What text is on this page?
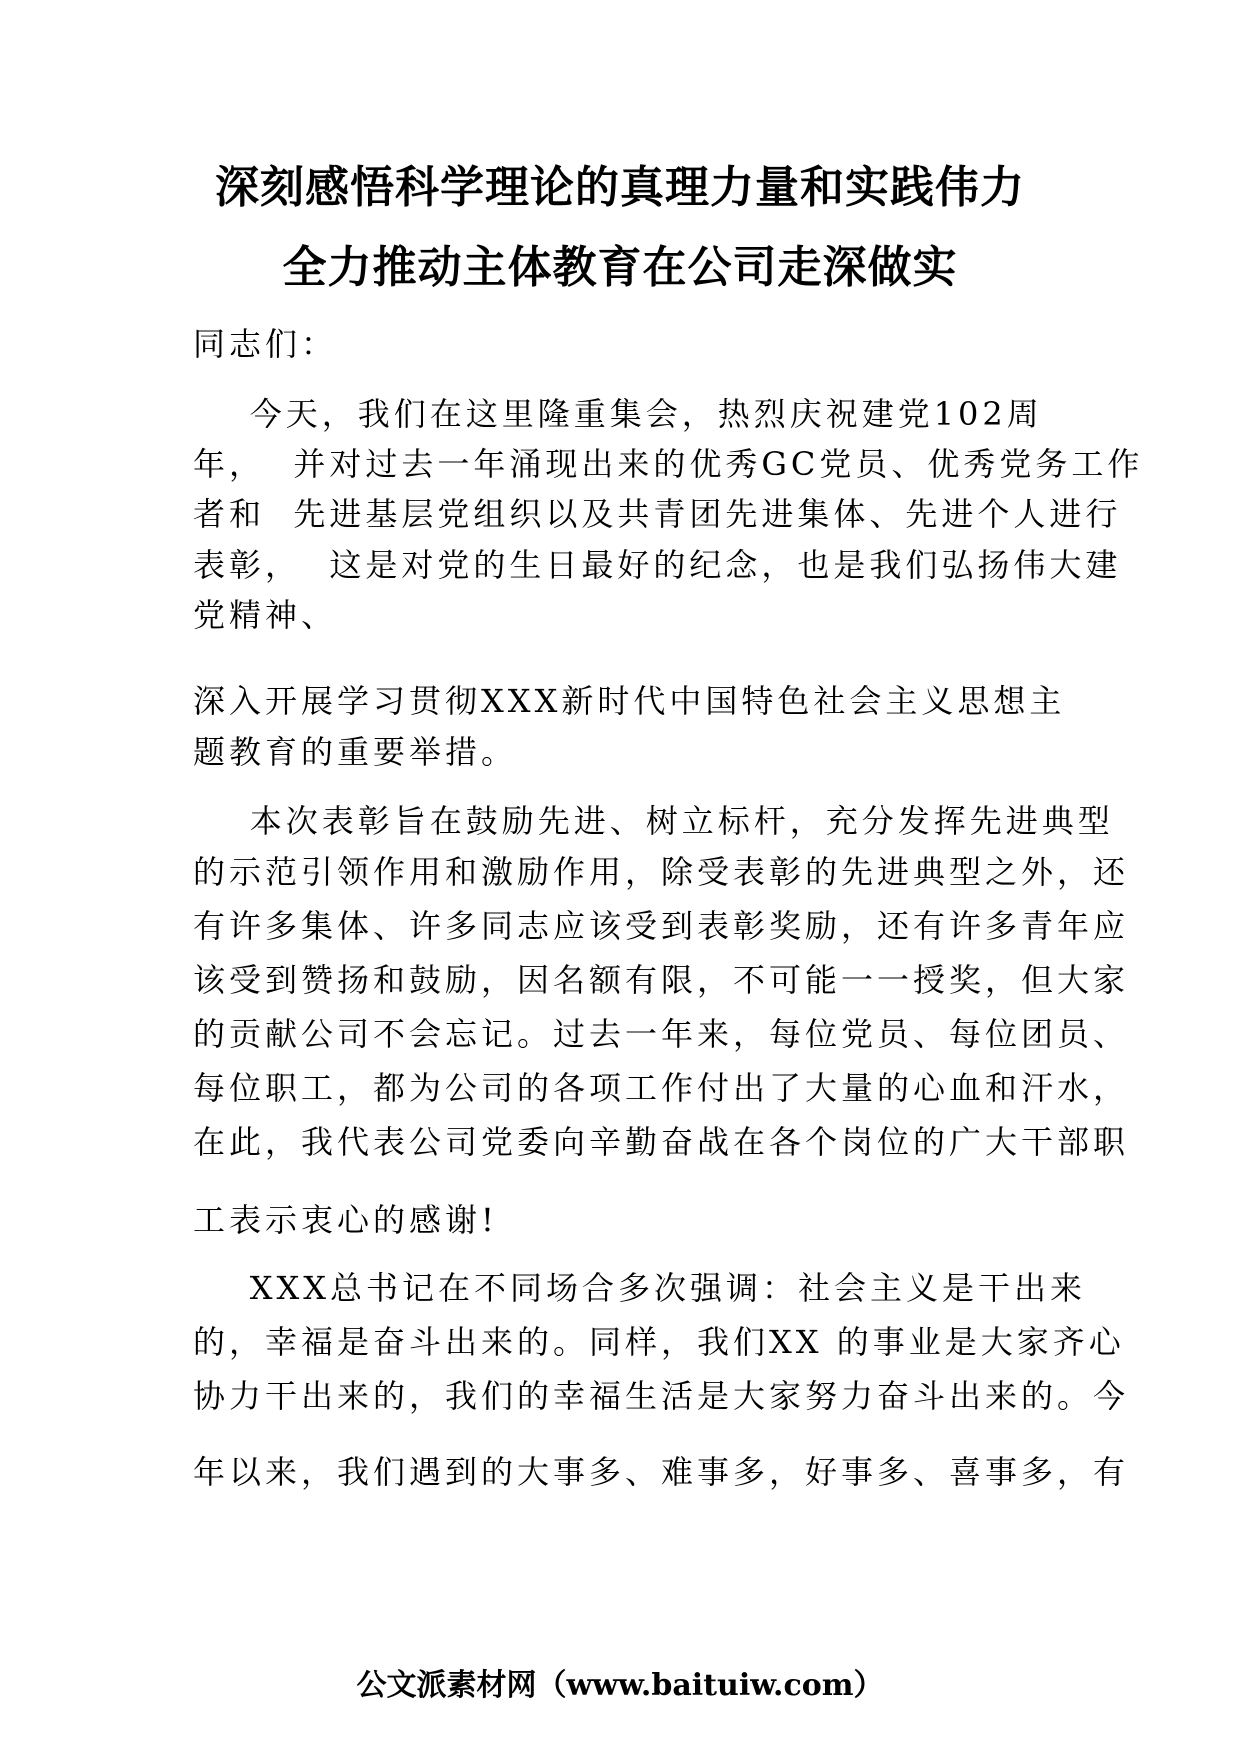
深刻感悟科学理论的真理力量和实践伟力
全力推动主体教育在公司走深做实
同志们：
今天，我们在这里隆重集会，热烈庆祝建党102周
年，  并对过去一年涌现出来的优秀GC党员、优秀党务工作
者和  先进基层党组织以及共青团先进集体、先进个人进行
表彰，  这是对党的生日最好的纪念，也是我们弘扬伟大建
党精神、
深入开展学习贯彻XXX新时代中国特色社会主义思想主
题教育的重要举措。
本次表彰旨在鼓励先进、树立标杆，充分发挥先进典型
的示范引领作用和激励作用，除受表彰的先进典型之外，还
有许多集体、许多同志应该受到表彰奖励，还有许多青年应
该受到赞扬和鼓励，因名额有限，不可能一一授奖，但大家
的贡献公司不会忘记。过去一年来，每位党员、每位团员、
每位职工，都为公司的各项工作付出了大量的心血和汗水，
在此，我代表公司党委向辛勤奋战在各个岗位的广大干部职
工表示衷心的感谢!
XXX总书记在不同场合多次强调：社会主义是干出来
的，幸福是奋斗出来的。同样，我们XX 的事业是大家齐心
协力干出来的，我们的幸福生活是大家努力奋斗出来的。今
年以来，我们遇到的大事多、难事多，好事多、喜事多，有
公文派素材网（www.baituiw.com）
